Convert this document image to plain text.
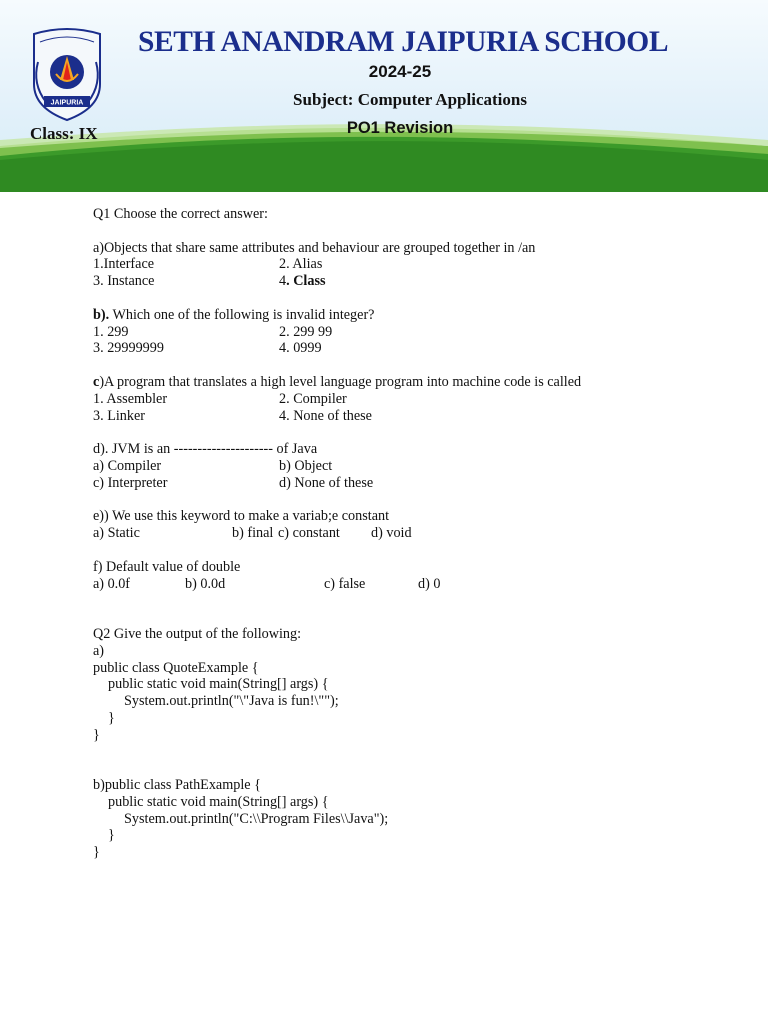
JAIPURIA
SETH ANANDRAM JAIPURIA SCHOOL
2024-25
Subject: Computer Applications
PO1 Revision
Class: IX
Q1 Choose the correct answer:
a)Objects that share same attributes and behaviour are grouped together in /an
1.Interface	2. Alias
3. Instance	4. Class
b). Which one of the following is invalid integer?
1. 299	2. 299 99
3. 29999999	4. 0999
c)A program that translates a high level language program into machine code is called
1. Assembler	2. Compiler
3. Linker	4. None of these
d). JVM is an --------------------- of Java
a) Compiler	b) Object
c) Interpreter	d) None of these
e)) We use this keyword to make a variab;e constant
a) Static	b) final c) constant d) void
f) Default value of double
a) 0.0f	b) 0.0d	c) false	d) 0
Q2 Give the output of the following:
a)
public class QuoteExample {
public static void main(String[] args) {
System.out.println("\"Java is fun!\"");
}
}
b)public class PathExample {
public static void main(String[] args) {
System.out.println("C:\\Program Files\\Java");
}
}
